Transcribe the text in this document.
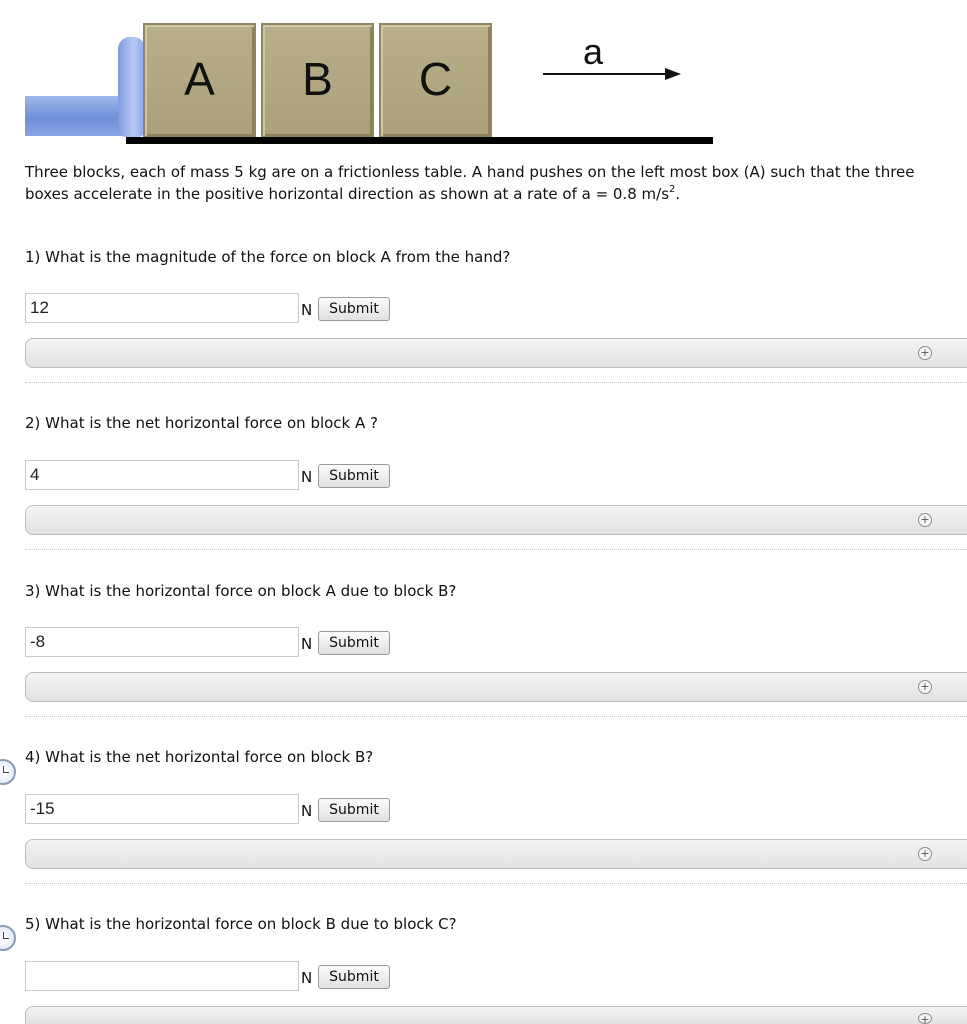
A B C
a

Three blocks, each of mass 5 kg are on a frictionless table. A hand pushes on the left most box (A) such that the three boxes accelerate in the positive horizontal direction as shown at a rate of a = 0.8 $m/s^2$.

1) What is the magnitude of the force on block A from the hand?

12
N	Submit
+

2) What is the net horizontal force on block A ?

4
N	Submit
+

3) What is the horizontal force on block A due to block B?

-8
N	Submit
+

4) What is the net horizontal force on block B?

-15
N	Submit
+

5) What is the horizontal force on block B due to block C?

N	Submit
+
